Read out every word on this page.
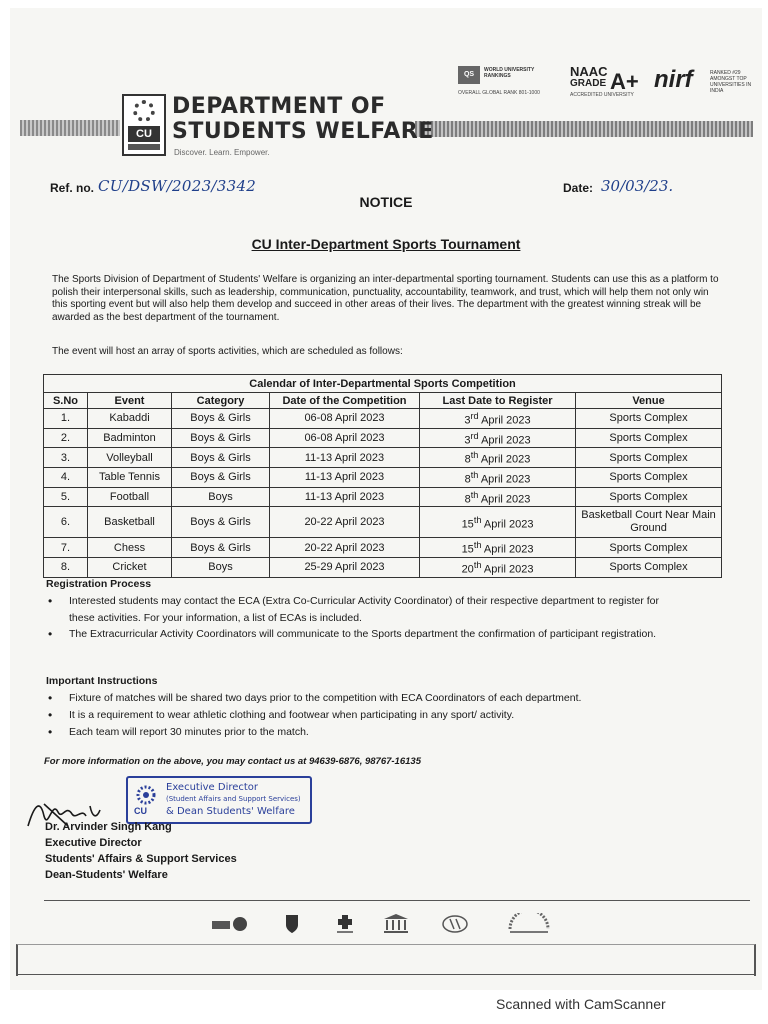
CU
DEPARTMENT OF
STUDENTS WELFARE
Discover. Learn. Empower.
QS
WORLD UNIVERSITY RANKINGS
OVERALL GLOBAL RANK 801-1000
NAAC
GRADE A+
ACCREDITED UNIVERSITY
nirf	RANKED #29 AMONGST TOP UNIVERSITIES IN INDIA
Ref. no. CU/DSW/2023/3342	Date: 30/03/23.
NOTICE
CU Inter-Department Sports Tournament
The Sports Division of Department of Students' Welfare is organizing an inter-departmental sporting tournament. Students can use this as a platform to polish their interpersonal skills, such as leadership, communication, punctuality, accountability, teamwork, and trust, which will help them not only win this sporting event but will also help them develop and succeed in other areas of their lives. The department with the greatest winning streak will be awarded as the best department of the tournament.
The event will host an array of sports activities, which are scheduled as follows:
Calendar of Inter-Departmental Sports Competition					
S.No	Event	Category	Date of the Competition	Last Date to Register	Venue
1.	Kabaddi	Boys & Girls	06-08 April 2023	3rd April 2023	Sports Complex
2.	Badminton	Boys & Girls	06-08 April 2023	3rd April 2023	Sports Complex
3.	Volleyball	Boys & Girls	11-13 April 2023	8th April 2023	Sports Complex
4.	Table Tennis	Boys & Girls	11-13 April 2023	8th April 2023	Sports Complex
5.	Football	Boys	11-13 April 2023	8th April 2023	Sports Complex
6.	Basketball	Boys & Girls	20-22 April 2023	15th April 2023	Basketball Court Near Main Ground
7.	Chess	Boys & Girls	20-22 April 2023	15th April 2023	Sports Complex
8.	Cricket	Boys	25-29 April 2023	20th April 2023	Sports Complex
Registration Process
• Interested students may contact the ECA (Extra Co-Curricular Activity Coordinator) of their respective department to register for these activities. For your information, a list of ECAs is included.
• The Extracurricular Activity Coordinators will communicate to the Sports department the confirmation of participant registration.
Important Instructions
• Fixture of matches will be shared two days prior to the competition with ECA Coordinators of each department.
• It is a requirement to wear athletic clothing and footwear when participating in any sport/ activity.
• Each team will report 30 minutes prior to the match.
For more information on the above, you may contact us at 94639-6876, 98767-16135
CU
Executive Director
(Student Affairs and Support Services)
& Dean Students' Welfare
Dr. Arvinder Singh Kang
Executive Director
Students' Affairs & Support Services
Dean-Students' Welfare
Scanned with CamScanner
